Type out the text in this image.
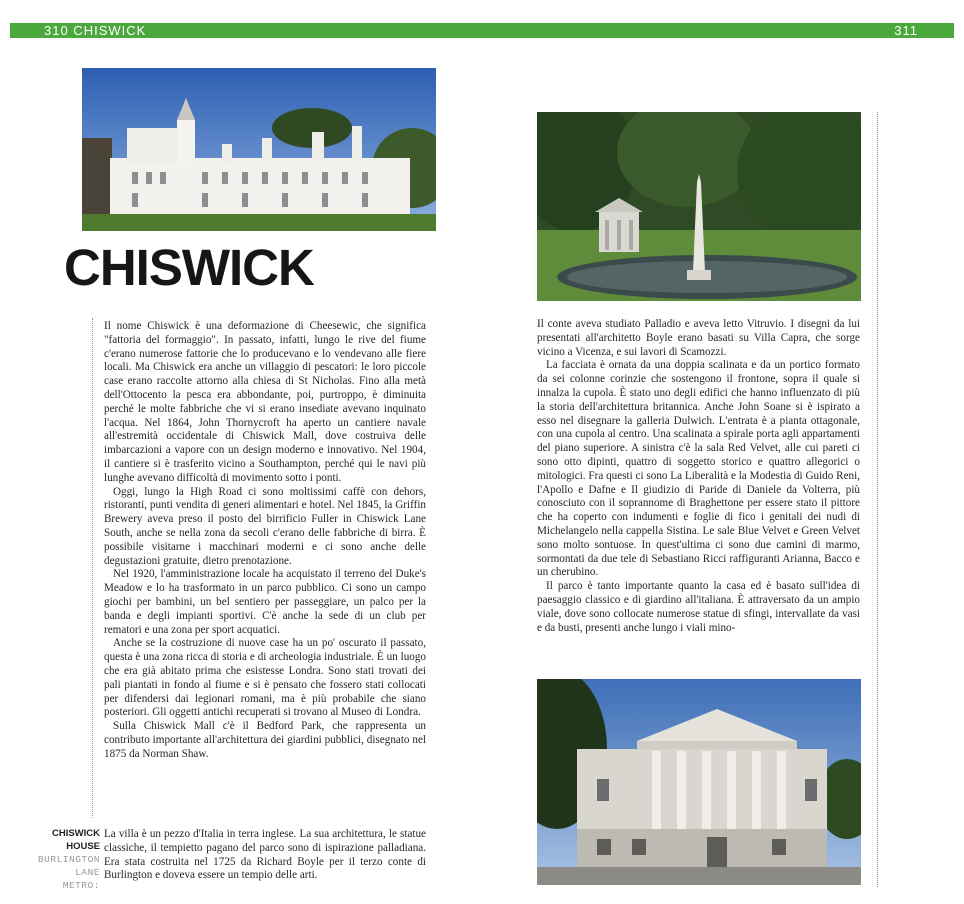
310 CHISWICK	311
CHISWICK

Il nome Chiswick è una deformazione di Cheesewic, che significa "fattoria del formaggio". In passato, infatti, lungo le rive del fiume c'erano numerose fattorie che lo producevano e lo vendevano alle fiere locali. Ma Chiswick era anche un villaggio di pescatori: le loro piccole case erano raccolte attorno alla chiesa di St Nicholas. Fino alla metà dell'Ottocento la pesca era abbondante, poi, purtroppo, è diminuita perché le molte fabbriche che vi si erano insediate avevano inquinato l'acqua. Nel 1864, John Thornycroft ha aperto un cantiere navale all'estremità occidentale di Chiswick Mall, dove costruiva delle imbarcazioni a vapore con un design moderno e innovativo. Nel 1904, il cantiere si è trasferito vicino a Southampton, perché qui le navi più lunghe avevano difficoltà di movimento sotto i ponti.

Oggi, lungo la High Road ci sono moltissimi caffè con dehors, ristoranti, punti vendita di generi alimentari e hotel. Nel 1845, la Griffin Brewery aveva preso il posto del birrificio Fuller in Chiswick Lane South, anche se nella zona da secoli c'erano delle fabbriche di birra. È possibile visitarne i macchinari moderni e ci sono anche delle degustazioni gratuite, dietro prenotazione.

Nel 1920, l'amministrazione locale ha acquistato il terreno del Duke's Meadow e lo ha trasformato in un parco pubblico. Ci sono un campo giochi per bambini, un bel sentiero per passeggiare, un palco per la banda e degli impianti sportivi. C'è anche la sede di un club per rematori e una zona per sport acquatici.

Anche se la costruzione di nuove case ha un po' oscurato il passato, questa è una zona ricca di storia e di archeologia industriale. È un luogo che era già abitato prima che esistesse Londra. Sono stati trovati dei pali piantati in fondo al fiume e si è pensato che fossero stati collocati per difendersi dai legionari romani, ma è più probabile che siano posteriori. Gli oggetti antichi recuperati si trovano al Museo di Londra.

Sulla Chiswick Mall c'è il Bedford Park, che rappresenta un contributo importante all'architettura dei giardini pubblici, disegnato nel 1875 da Norman Shaw.

CHISWICK HOUSE
BURLINGTON
LANE
METRO:

La villa è un pezzo d'Italia in terra inglese. La sua architettura, le statue classiche, il tempietto pagano del parco sono di ispirazione palladiana. Era stata costruita nel 1725 da Richard Boyle per il terzo conte di Burlington e doveva essere un tempio delle arti.

Il conte aveva studiato Palladio e aveva letto Vitruvio. I disegni da lui presentati all'architetto Boyle erano basati su Villa Capra, che sorge vicino a Vicenza, e sui lavori di Scamozzi.

La facciata è ornata da una doppia scalinata e da un portico formato da sei colonne corinzie che sostengono il frontone, sopra il quale si innalza la cupola. È stato uno degli edifici che hanno influenzato di più la storia dell'architettura britannica. Anche John Soane si è ispirato a esso nel disegnare la galleria Dulwich. L'entrata è a pianta ottagonale, con una cupola al centro. Una scalinata a spirale porta agli appartamenti del piano superiore. A sinistra c'è la sala Red Velvet, alle cui pareti ci sono otto dipinti, quattro di soggetto storico e quattro allegorici o mitologici. Fra questi ci sono La Liberalità e la Modestia di Guido Reni, l'Apollo e Dafne e Il giudizio di Paride di Daniele da Volterra, più conosciuto con il soprannome di Braghettone per essere stato il pittore che ha coperto con indumenti e foglie di fico i genitali dei nudi di Michelangelo nella cappella Sistina. Le sale Blue Velvet e Green Velvet sono molto sontuose. In quest'ultima ci sono due camini di marmo, sormontati da due tele di Sebastiano Ricci raffiguranti Arianna, Bacco e un cherubino.

Il parco è tanto importante quanto la casa ed è basato sull'idea di paesaggio classico e di giardino all'italiana. È attraversato da un ampio viale, dove sono collocate numerose statue di sfingi, intervallate da vasi e da busti, presenti anche lungo i viali mino-
